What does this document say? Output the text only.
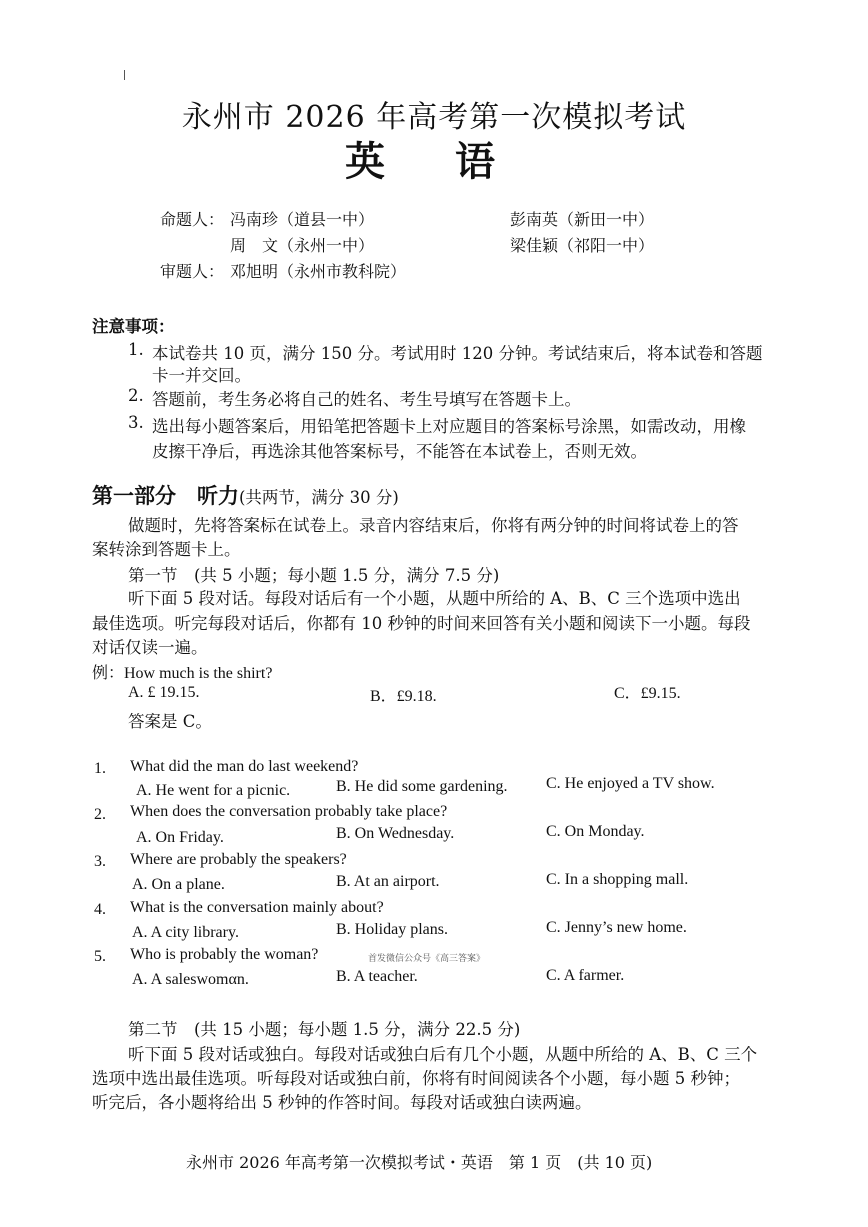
永州市 2026 年高考第一次模拟考试
英 语
命题人： 冯南珍（道县一中）	彭南英（新田一中）
周　文（永州一中）	梁佳颖（祁阳一中）
审题人： 邓旭明（永州市教科院）
注意事项：
1. 本试卷共 10 页，满分 150 分。考试用时 120 分钟。考试结束后，将本试卷和答题
卡一并交回。
2. 答题前，考生务必将自己的姓名、考生号填写在答题卡上。
3. 选出每小题答案后，用铅笔把答题卡上对应题目的答案标号涂黑，如需改动，用橡
皮擦干净后，再选涂其他答案标号，不能答在本试卷上，否则无效。
第一部分　听力(共两节，满分 30 分)
做题时，先将答案标在试卷上。录音内容结束后，你将有两分钟的时间将试卷上的答
案转涂到答题卡上。
第一节　(共 5 小题；每小题 1.5 分，满分 7.5 分)
听下面 5 段对话。每段对话后有一个小题，从题中所给的 A、B、C 三个选项中选出
最佳选项。听完每段对话后，你都有 10 秒钟的时间来回答有关小题和阅读下一小题。每段
对话仅读一遍。
例：How much is the shirt?
A. £ 19.15.	B．£9.18.	C．£9.15.
答案是 C。
1. What did the man do last weekend?
A. He went for a picnic.	B. He did some gardening. C. He enjoyed a TV show.
2. When does the conversation probably take place?
A. On Friday.	B. On Wednesday.	C. On Monday.
3. Where are probably the speakers?
A. On a plane.	B. At an airport.	C. In a shopping mall.
4. What is the conversation mainly about?
A. A city library.	B. Holiday plans.	C. Jenny’s new home.
5. Who is probably the woman?	首发微信公众号《高三答案》
A. A saleswomαn.	B. A teacher.	C. A farmer.
第二节　(共 15 小题；每小题 1.5 分，满分 22.5 分)
听下面 5 段对话或独白。每段对话或独白后有几个小题，从题中所给的 A、B、C 三个
选项中选出最佳选项。听每段对话或独白前，你将有时间阅读各个小题，每小题 5 秒钟；
听完后，各小题将给出 5 秒钟的作答时间。每段对话或独白读两遍。
永州市 2026 年高考第一次模拟考试・英语　第 1 页　(共 10 页)
